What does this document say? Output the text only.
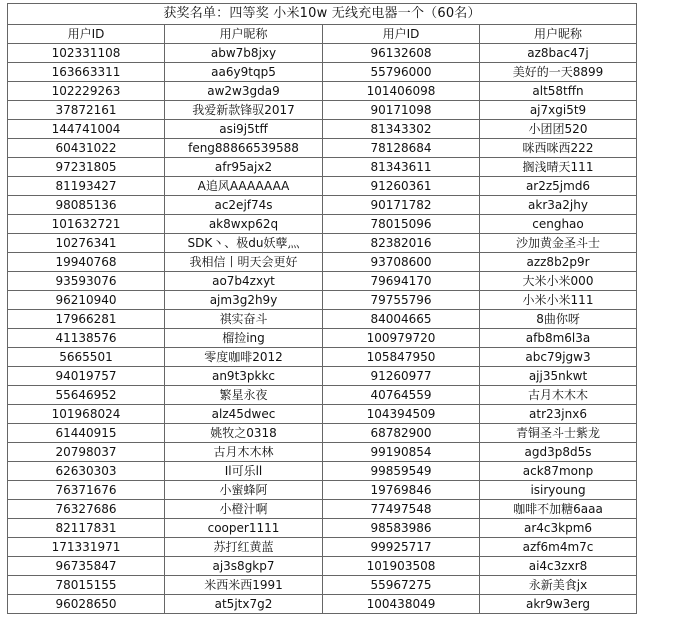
获奖名单：四等奖 小米10w 无线充电器一个（60名）			
用户ID	用户昵称	用户ID	用户昵称
102331108	abw7b8jxy	96132608	az8bac47j
163663311	aa6y9tqp5	55796000	美好的一天8899
102229263	aw2w3gda9	101406098	alt58tffn
37872161	我爱新款锋驭2017	90171098	aj7xgi5t9
144741004	asi9j5tff	81343302	小团团520
60431022	feng88866539588	78128684	咪西咪西222
97231805	afr95ajx2	81343611	搁浅晴天111
81193427	A追风AAAAAAA	91260361	ar2z5jmd6
98085136	ac2ejf74s	90171782	akr3a2jhy
101632721	ak8wxp62q	78015096	cenghao
10276341	SDK丶、极du妖孽灬	82382016	沙加黄金圣斗士
19940768	我相信丨明天会更好	93708600	azz8b2p9r
93593076	ao7b4zxyt	79694170	大米小米000
96210940	ajm3g2h9y	79755796	小米小米111
17966281	祺实奋斗	84004665	8曲你呀
41138576	榴捡ing	100979720	afb8m6l3a
5665501	零度咖啡2012	105847950	abc79jgw3
94019757	an9t3pkkc	91260977	ajj35nkwt
55646952	繁星永夜	40764559	古月木木木
101968024	alz45dwec	104394509	atr23jnx6
61440915	姚牧之0318	68782900	青铜圣斗士紫龙
20798037	古月木木林	99190854	agd3p8d5s
62630303	Il可乐ll	99859549	ack87monp
76371676	小蜜蜂阿	19769846	isiryoung
76327686	小橙汁啊	77497548	咖啡不加糖6aaa
82117831	cooper1111	98583986	ar4c3kpm6
171331971	苏打红黄蓝	99925717	azf6m4m7c
96735847	aj3s8gkp7	101903508	ai4c3zxr8
78015155	米西米西1991	55967275	永新美食jx
96028650	at5jtx7g2	100438049	akr9w3erg
